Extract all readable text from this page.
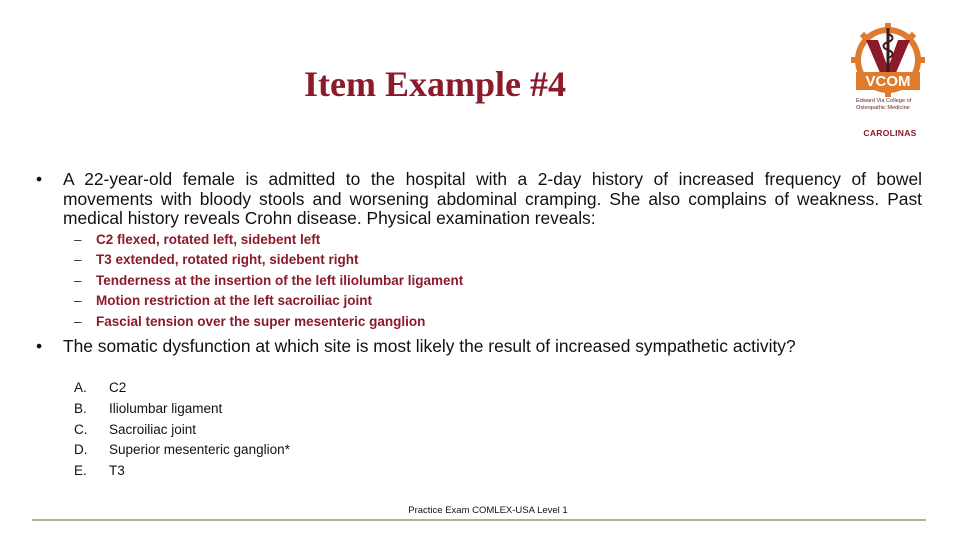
Item Example #4	VCOM
Edward Via College of
Osteopathic Medicine
CAROLINAS
• A 22-year-old female is admitted to the hospital with a 2-day history of increased frequency of bowel movements with bloody stools and worsening abdominal cramping. She also complains of weakness. Past medical history reveals Crohn disease. Physical examination reveals:
– C2 flexed, rotated left, sidebent left
– T3 extended, rotated right, sidebent right
– Tenderness at the insertion of the left iliolumbar ligament
– Motion restriction at the left sacroiliac joint
– Fascial tension over the super mesenteric ganglion
• The somatic dysfunction at which site is most likely the result of increased sympathetic activity?
A. C2
B. Iliolumbar ligament
C. Sacroiliac joint
D. Superior mesenteric ganglion*
E. T3
Practice Exam COMLEX-USA Level 1
